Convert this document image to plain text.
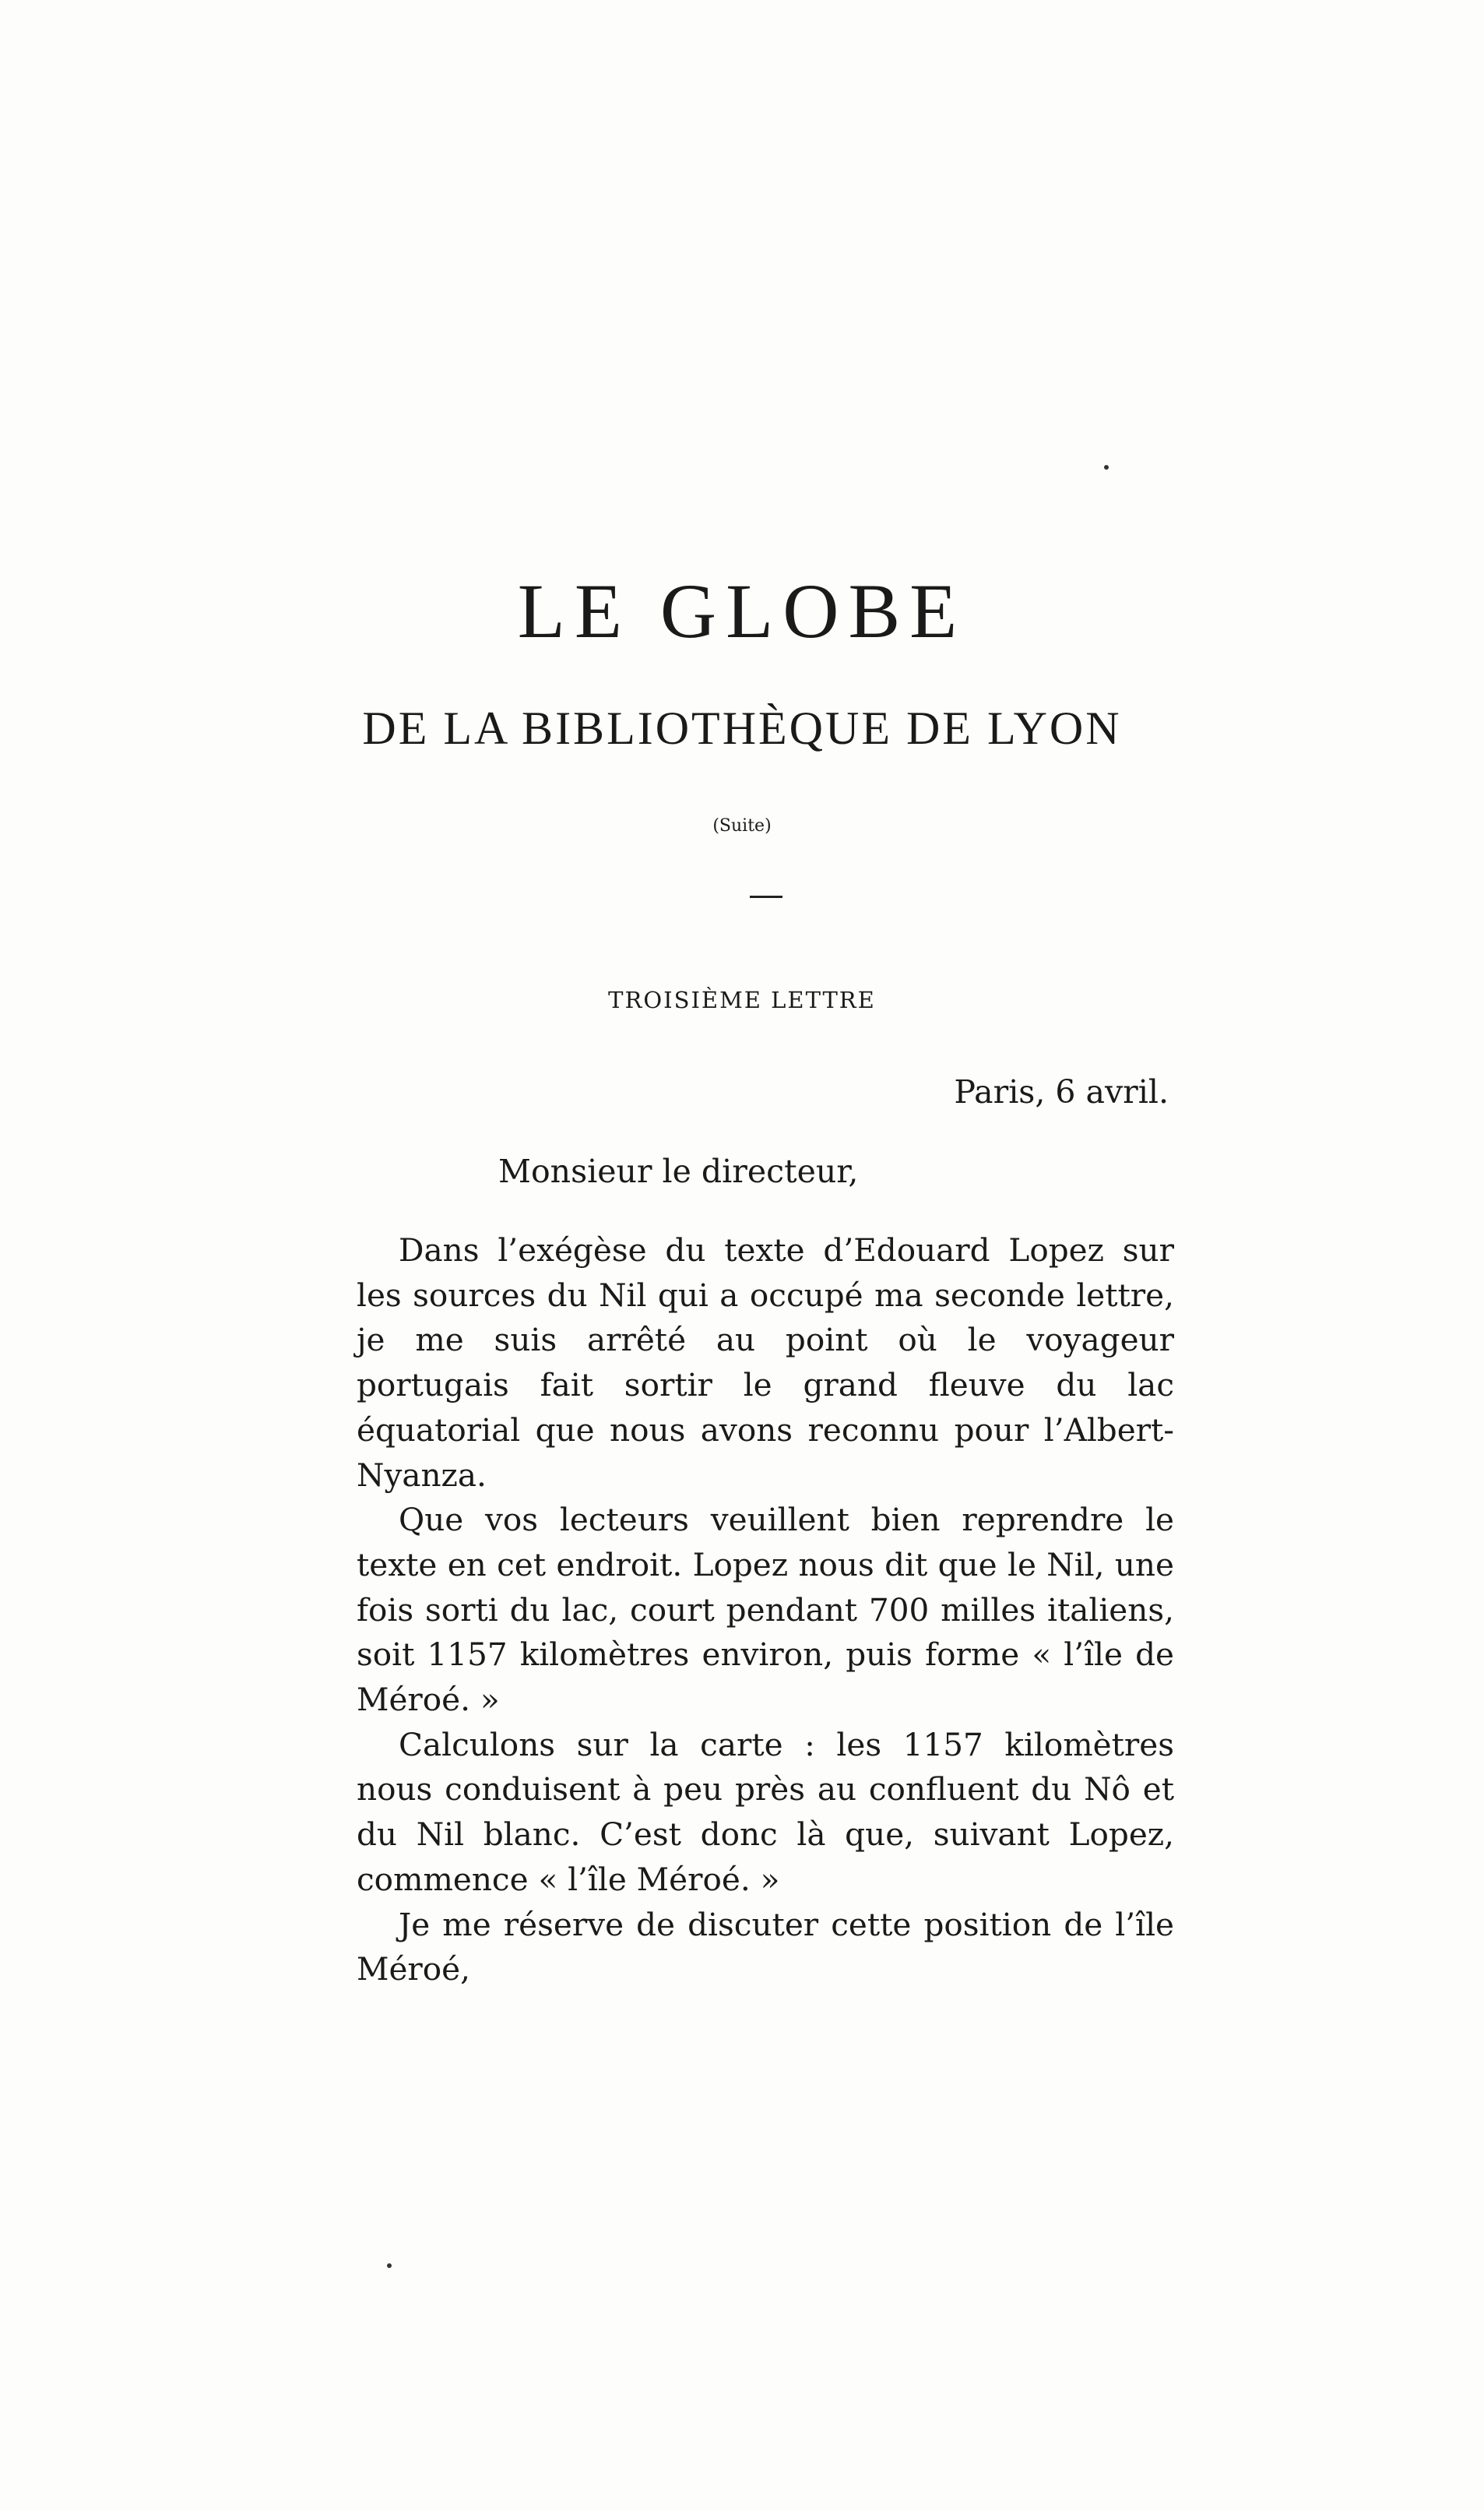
LE GLOBE
DE LA BIBLIOTHÈQUE DE LYON
(Suite)
TROISIÈME LETTRE
Paris, 6 avril.
Monsieur le directeur,

Dans l’exégèse du texte d’Edouard Lopez sur les sources du Nil qui a occupé ma seconde lettre, je me suis arrêté au point où le voyageur portugais fait sortir le grand fleuve du lac équatorial que nous avons reconnu pour l’Albert-Nyanza.

Que vos lecteurs veuillent bien reprendre le texte en cet endroit. Lopez nous dit que le Nil, une fois sorti du lac, court pendant 700 milles italiens, soit 1157 kilomètres environ, puis forme « l’île de Méroé. »

Calculons sur la carte : les 1157 kilomètres nous conduisent à peu près au confluent du Nô et du Nil blanc. C’est donc là que, suivant Lopez, commence « l’île Méroé. »

Je me réserve de discuter cette position de l’île Méroé,
